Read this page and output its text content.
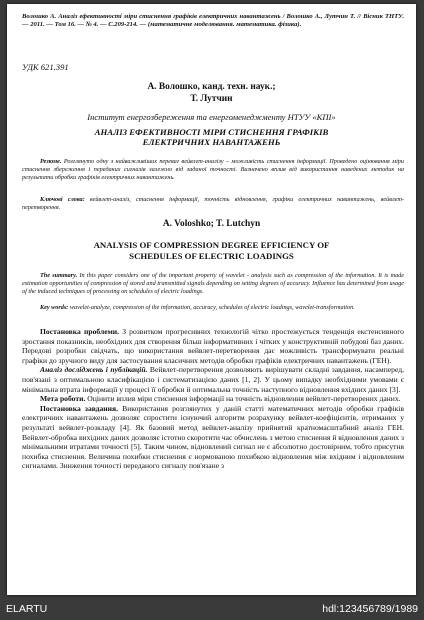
Волошко А. Аналіз ефективності міри стиснення графіків електричних навантажень / Волошко А., Лутчин Т. // Вісник ТНТУ. — 2011. — Том 16. — № 4. — С.209-214. — (математичне моделювання. математика. фізика).
УДК 621.391
А. Волошко, канд. техн. наук.;
Т. Лутчин
Інститут енергозбереження та енергоменеджменту НТУУ «КПІ»
АНАЛІЗ ЕФЕКТИВНОСТІ МІРИ СТИСНЕННЯ ГРАФІКІВ
ЕЛЕКТРИЧНИХ НАВАНТАЖЕНЬ
Резюме. Розглянуто одну з найважливіших переваг вейвлет-аналізу – можливість стиснення інформації. Проведено оцінювання міри стиснення збереження і переданих сигналів залежно від заданої точності. Визначено вплив від використання наведених методик на результати обробки графіків електричних навантажень.
Ключові слова: вейвлет-аналіз, стиснення інформації, точність відновлення, графіки електричних навантажень, вейвлет-перетворення.
A. Voloshko; T. Lutchyn
ANALYSIS OF COMPRESSION DEGREE EFFICIENCY OF
SCHEDULES OF ELECTRIC LOADINGS
The summary. In this paper considers one of the important property of wavelet - analysis such as compression of the information. It is made estimation opportunities of compression of stored and transmitted signals depending on setting degrees of accuracy. Influence has determined from usage of the induced techniques of processing on schedules of electric loadings.
Key words: wavelet-analyze, compression of the information, accuracy, schedules of electric loadings, wavelet-transformation.

Постановка проблеми. З розвитком прогресивних технологій чітко простежується тенденція екстенсивного зростання показників, необхідних для створення більш інформативних і чітких у конструктивній побудові баз даних. Передові розробки свідчать, що використання вейвлет-перетворення дає можливість трансформувати реальні графіки до зручного виду для застосування класичних методів обробки графіків електричних навантажень (ГЕН).

Аналіз досліджень і публікацій. Вейвлет-перетворення дозволяють вирішувати складні завдання, насамперед, пов'язані з оптимальною класифікацією і систематизацією даних [1, 2]. У цьому випадку необхідними умовами є мінімальна втрата інформації у процесі її обробки й оптимальна точність наступного відновлення вхідних даних [3].

Мета роботи. Оцінити вплив міри стиснення інформації на точність відновлення вейвлет-перетворених даних.

Постановка завдання. Використання розглянутих у даній статті математичних методів обробки графіків електричних навантажень дозволяє спростити існуючий алгоритм розрахунку вейвлет-коефіцієнтів, отриманих у результаті вейвлет-розкладу [4]. Як базовий метод вейвлет-аналізу прийнятий кратномасштабний аналіз ГЕН. Вейвлет-обробка вихідних даних дозволяє істотно скоротити час обчислень з метою стиснення й відновлення даних з мінімальними втратами точності [5]. Таким чином, відновлений сигнал не є абсолютно достовірним, тобто присутня похибка стиснення. Величина похибки стиснення є нормованою похибкою відновлення між вхідним і відновленим сигналами. Зниження точності переданого сигналу пов'язане з

ELARTU	hdl:123456789/1989
